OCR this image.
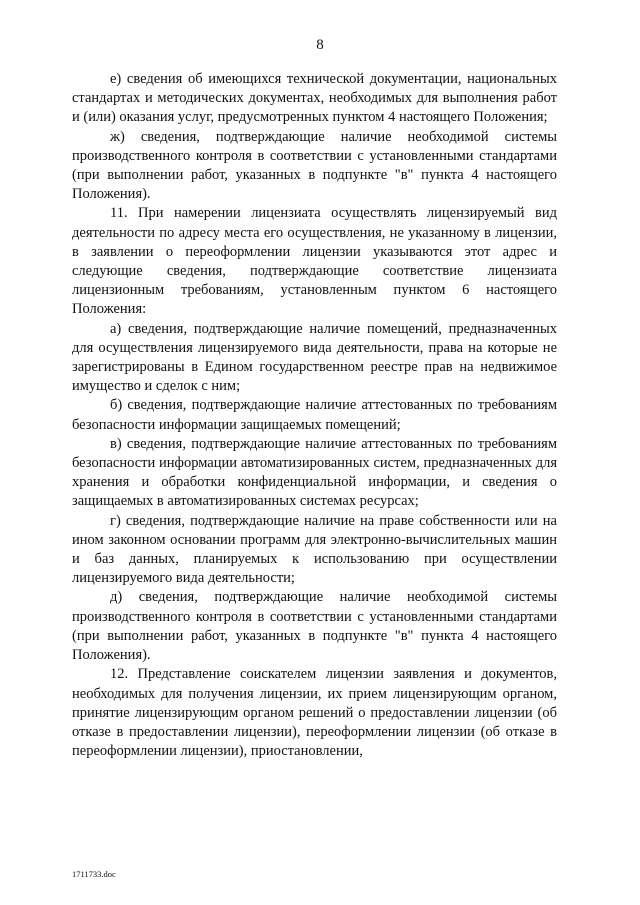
8

е) сведения об имеющихся технической документации, национальных стандартах и методических документах, необходимых для выполнения работ и (или) оказания услуг, предусмотренных пунктом 4 настоящего Положения;

ж) сведения, подтверждающие наличие необходимой системы производственного контроля в соответствии с установленными стандартами (при выполнении работ, указанных в подпункте "в" пункта 4 настоящего Положения).

11. При намерении лицензиата осуществлять лицензируемый вид деятельности по адресу места его осуществления, не указанному в лицензии, в заявлении о переоформлении лицензии указываются этот адрес и следующие сведения, подтверждающие соответствие лицензиата лицензионным требованиям, установленным пунктом 6 настоящего Положения:

а) сведения, подтверждающие наличие помещений, предназначенных для осуществления лицензируемого вида деятельности, права на которые не зарегистрированы в Едином государственном реестре прав на недвижимое имущество и сделок с ним;

б) сведения, подтверждающие наличие аттестованных по требованиям безопасности информации защищаемых помещений;

в) сведения, подтверждающие наличие аттестованных по требованиям безопасности информации автоматизированных систем, предназначенных для хранения и обработки конфиденциальной информации, и сведения о защищаемых в автоматизированных системах ресурсах;

г) сведения, подтверждающие наличие на праве собственности или на ином законном основании программ для электронно-вычислительных машин и баз данных, планируемых к использованию при осуществлении лицензируемого вида деятельности;

д) сведения, подтверждающие наличие необходимой системы производственного контроля в соответствии с установленными стандартами (при выполнении работ, указанных в подпункте "в" пункта 4 настоящего Положения).

12. Представление соискателем лицензии заявления и документов, необходимых для получения лицензии, их прием лицензирующим органом, принятие лицензирующим органом решений о предоставлении лицензии (об отказе в предоставлении лицензии), переоформлении лицензии (об отказе в переоформлении лицензии), приостановлении,

1711733.doc
